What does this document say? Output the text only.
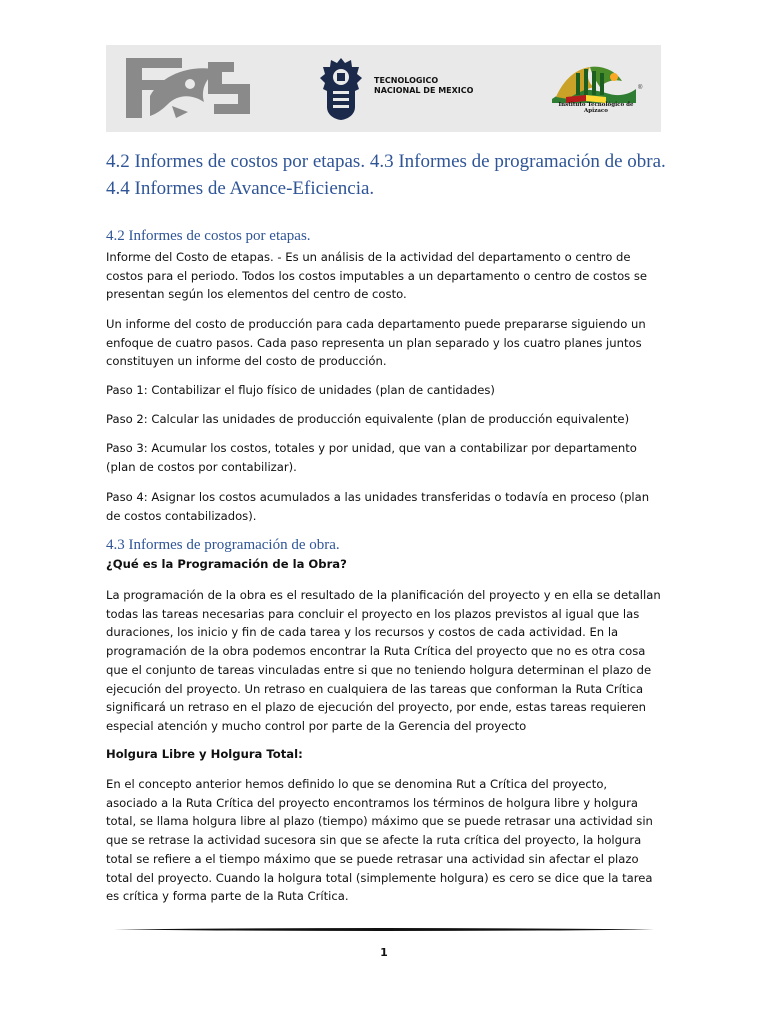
TECNOLOGICO
NACIONAL DE MEXICO	®
Instituto Tecnológico de Apizaco
4.2 Informes de costos por etapas. 4.3 Informes de programación de obra. 4.4 Informes de Avance-Eficiencia.
4.2 Informes de costos por etapas.

Informe del Costo de etapas. - Es un análisis de la actividad del departamento o centro de costos para el periodo. Todos los costos imputables a un departamento o centro de costos se presentan según los elementos del centro de costo.

Un informe del costo de producción para cada departamento puede prepararse siguiendo un enfoque de cuatro pasos. Cada paso representa un plan separado y los cuatro planes juntos constituyen un informe del costo de producción.

Paso 1: Contabilizar el flujo físico de unidades (plan de cantidades)

Paso 2: Calcular las unidades de producción equivalente (plan de producción equivalente)

Paso 3: Acumular los costos, totales y por unidad, que van a contabilizar por departamento (plan de costos por contabilizar).

Paso 4: Asignar los costos acumulados a las unidades transferidas o todavía en proceso (plan de costos contabilizados).

4.3 Informes de programación de obra.

¿Qué es la Programación de la Obra?

La programación de la obra es el resultado de la planificación del proyecto y en ella se detallan todas las tareas necesarias para concluir el proyecto en los plazos previstos al igual que las duraciones, los inicio y fin de cada tarea y los recursos y costos de cada actividad. En la programación de la obra podemos encontrar la Ruta Crítica del proyecto que no es otra cosa que el conjunto de tareas vinculadas entre si que no teniendo holgura determinan el plazo de ejecución del proyecto. Un retraso en cualquiera de las tareas que conforman la Ruta Crítica significará un retraso en el plazo de ejecución del proyecto, por ende, estas tareas requieren especial atención y mucho control por parte de la Gerencia del proyecto

Holgura Libre y Holgura Total:

En el concepto anterior hemos definido lo que se denomina Rut a Crítica del proyecto, asociado a la Ruta Crítica del proyecto encontramos los términos de holgura libre y holgura total, se llama holgura libre al plazo (tiempo) máximo que se puede retrasar una actividad sin que se retrase la actividad sucesora sin que se afecte la ruta crítica del proyecto, la holgura total se refiere a el tiempo máximo que se puede retrasar una actividad sin afectar el plazo total del proyecto. Cuando la holgura total (simplemente holgura) es cero se dice que la tarea es crítica y forma parte de la Ruta Crítica.

1
